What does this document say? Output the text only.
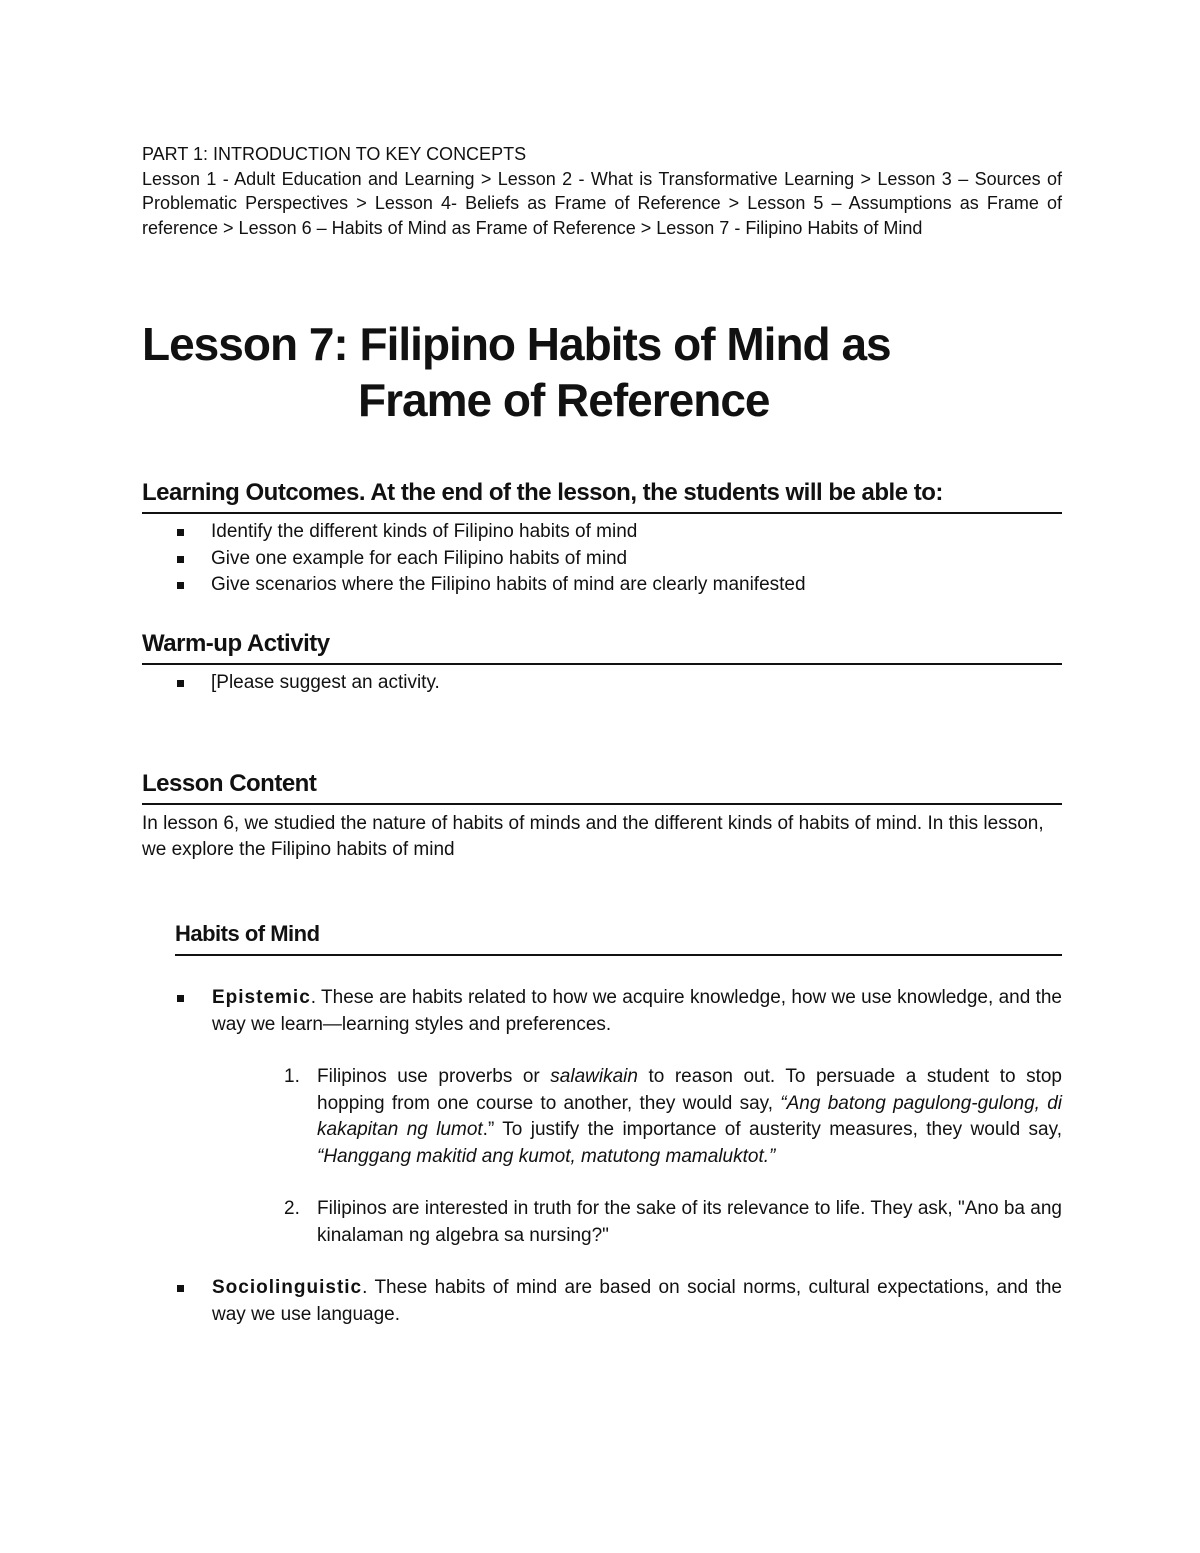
PART 1: INTRODUCTION TO KEY CONCEPTS

Lesson 1 - Adult Education and Learning > Lesson 2 - What is Transformative Learning > Lesson 3 – Sources of Problematic Perspectives > Lesson 4- Beliefs as Frame of Reference > Lesson 5 – Assumptions as Frame of reference > Lesson 6 – Habits of Mind as Frame of Reference > Lesson 7 - Filipino Habits of Mind

Lesson 7: Filipino Habits of Mind as
Frame of Reference
Learning Outcomes. At the end of the lesson, the students will be able to:
Identify the different kinds of Filipino habits of mind
Give one example for each Filipino habits of mind
Give scenarios where the Filipino habits of mind are clearly manifested
Warm-up Activity
[Please suggest an activity.
Lesson Content

In lesson 6, we studied the nature of habits of minds and the different kinds of habits of mind. In this lesson, we explore the Filipino habits of mind

Habits of Mind
Epistemic. These are habits related to how we acquire knowledge, how we use knowledge, and the way we learn—learning styles and preferences.
1. Filipinos use proverbs or salawikain to reason out. To persuade a student to stop hopping from one course to another, they would say, “Ang batong pagulong-gulong, di kakapitan ng lumot.” To justify the importance of austerity measures, they would say, “Hanggang makitid ang kumot, matutong mamaluktot.”
2. Filipinos are interested in truth for the sake of its relevance to life. They ask, "Ano ba ang kinalaman ng algebra sa nursing?"
Sociolinguistic. These habits of mind are based on social norms, cultural expectations, and the way we use language.
